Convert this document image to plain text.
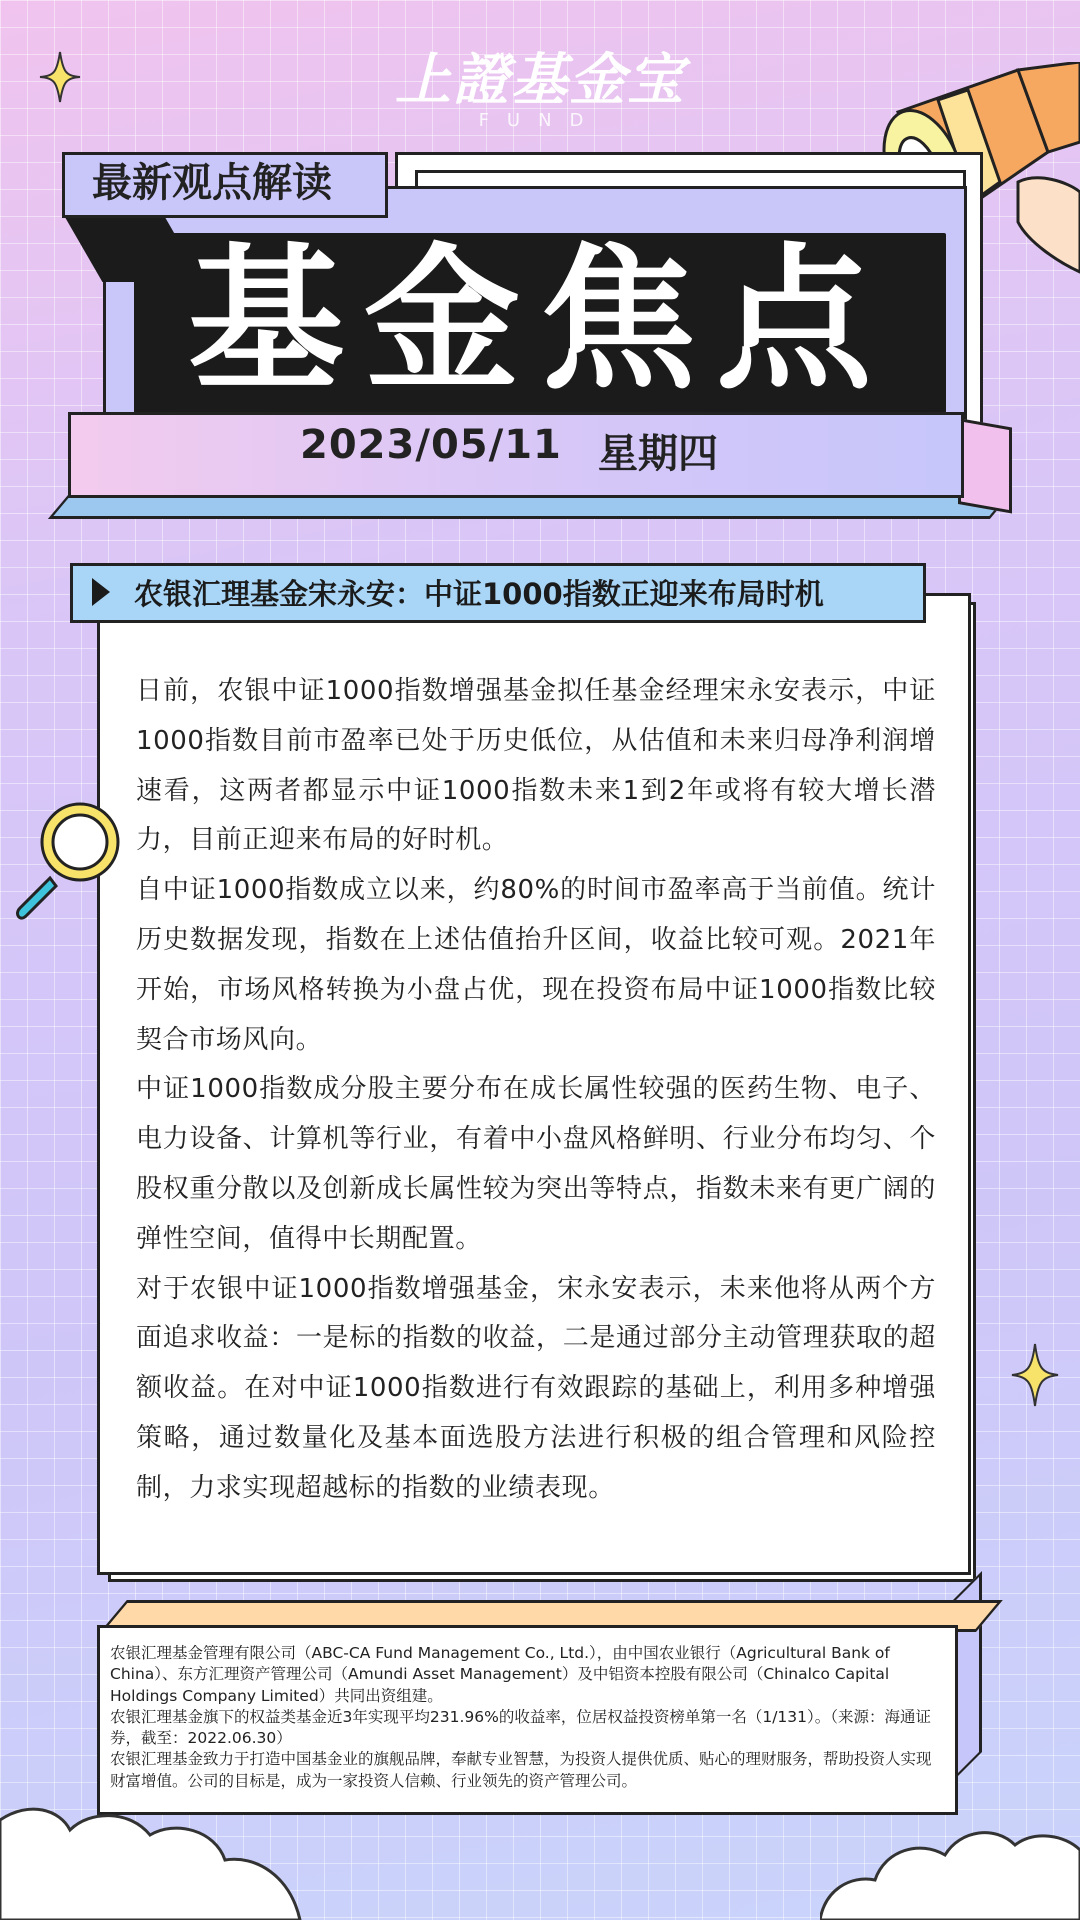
上證基金宝
FUND
最新观点解读
基金焦点
2023/05/11 星期四
农银汇理基金宋永安：中证1000指数正迎来布局时机

日前，农银中证1000指数增强基金拟任基金经理宋永安表示，中证1000指数目前市盈率已处于历史低位，从估值和未来归母净利润增速看，这两者都显示中证1000指数未来1到2年或将有较大增长潜力，目前正迎来布局的好时机。

自中证1000指数成立以来，约80%的时间市盈率高于当前值。统计历史数据发现，指数在上述估值抬升区间，收益比较可观。2021年开始，市场风格转换为小盘占优，现在投资布局中证1000指数比较契合市场风向。

中证1000指数成分股主要分布在成长属性较强的医药生物、电子、电力设备、计算机等行业，有着中小盘风格鲜明、行业分布均匀、个股权重分散以及创新成长属性较为突出等特点，指数未来有更广阔的弹性空间，值得中长期配置。

对于农银中证1000指数增强基金，宋永安表示，未来他将从两个方面追求收益：一是标的指数的收益，二是通过部分主动管理获取的超额收益。在对中证1000指数进行有效跟踪的基础上，利用多种增强策略，通过数量化及基本面选股方法进行积极的组合管理和风险控制，力求实现超越标的指数的业绩表现。

农银汇理基金管理有限公司（ABC-CA Fund Management Co., Ltd.），由中国农业银行（Agricultural Bank of China）、东方汇理资产管理公司（Amundi Asset Management）及中铝资本控股有限公司（Chinalco Capital Holdings Company Limited）共同出资组建。

农银汇理基金旗下的权益类基金近3年实现平均231.96%的收益率，位居权益投资榜单第一名（1/131）。（来源：海通证券，截至：2022.06.30）

农银汇理基金致力于打造中国基金业的旗舰品牌，奉献专业智慧，为投资人提供优质、贴心的理财服务，帮助投资人实现财富增值。公司的目标是，成为一家投资人信赖、行业领先的资产管理公司。
